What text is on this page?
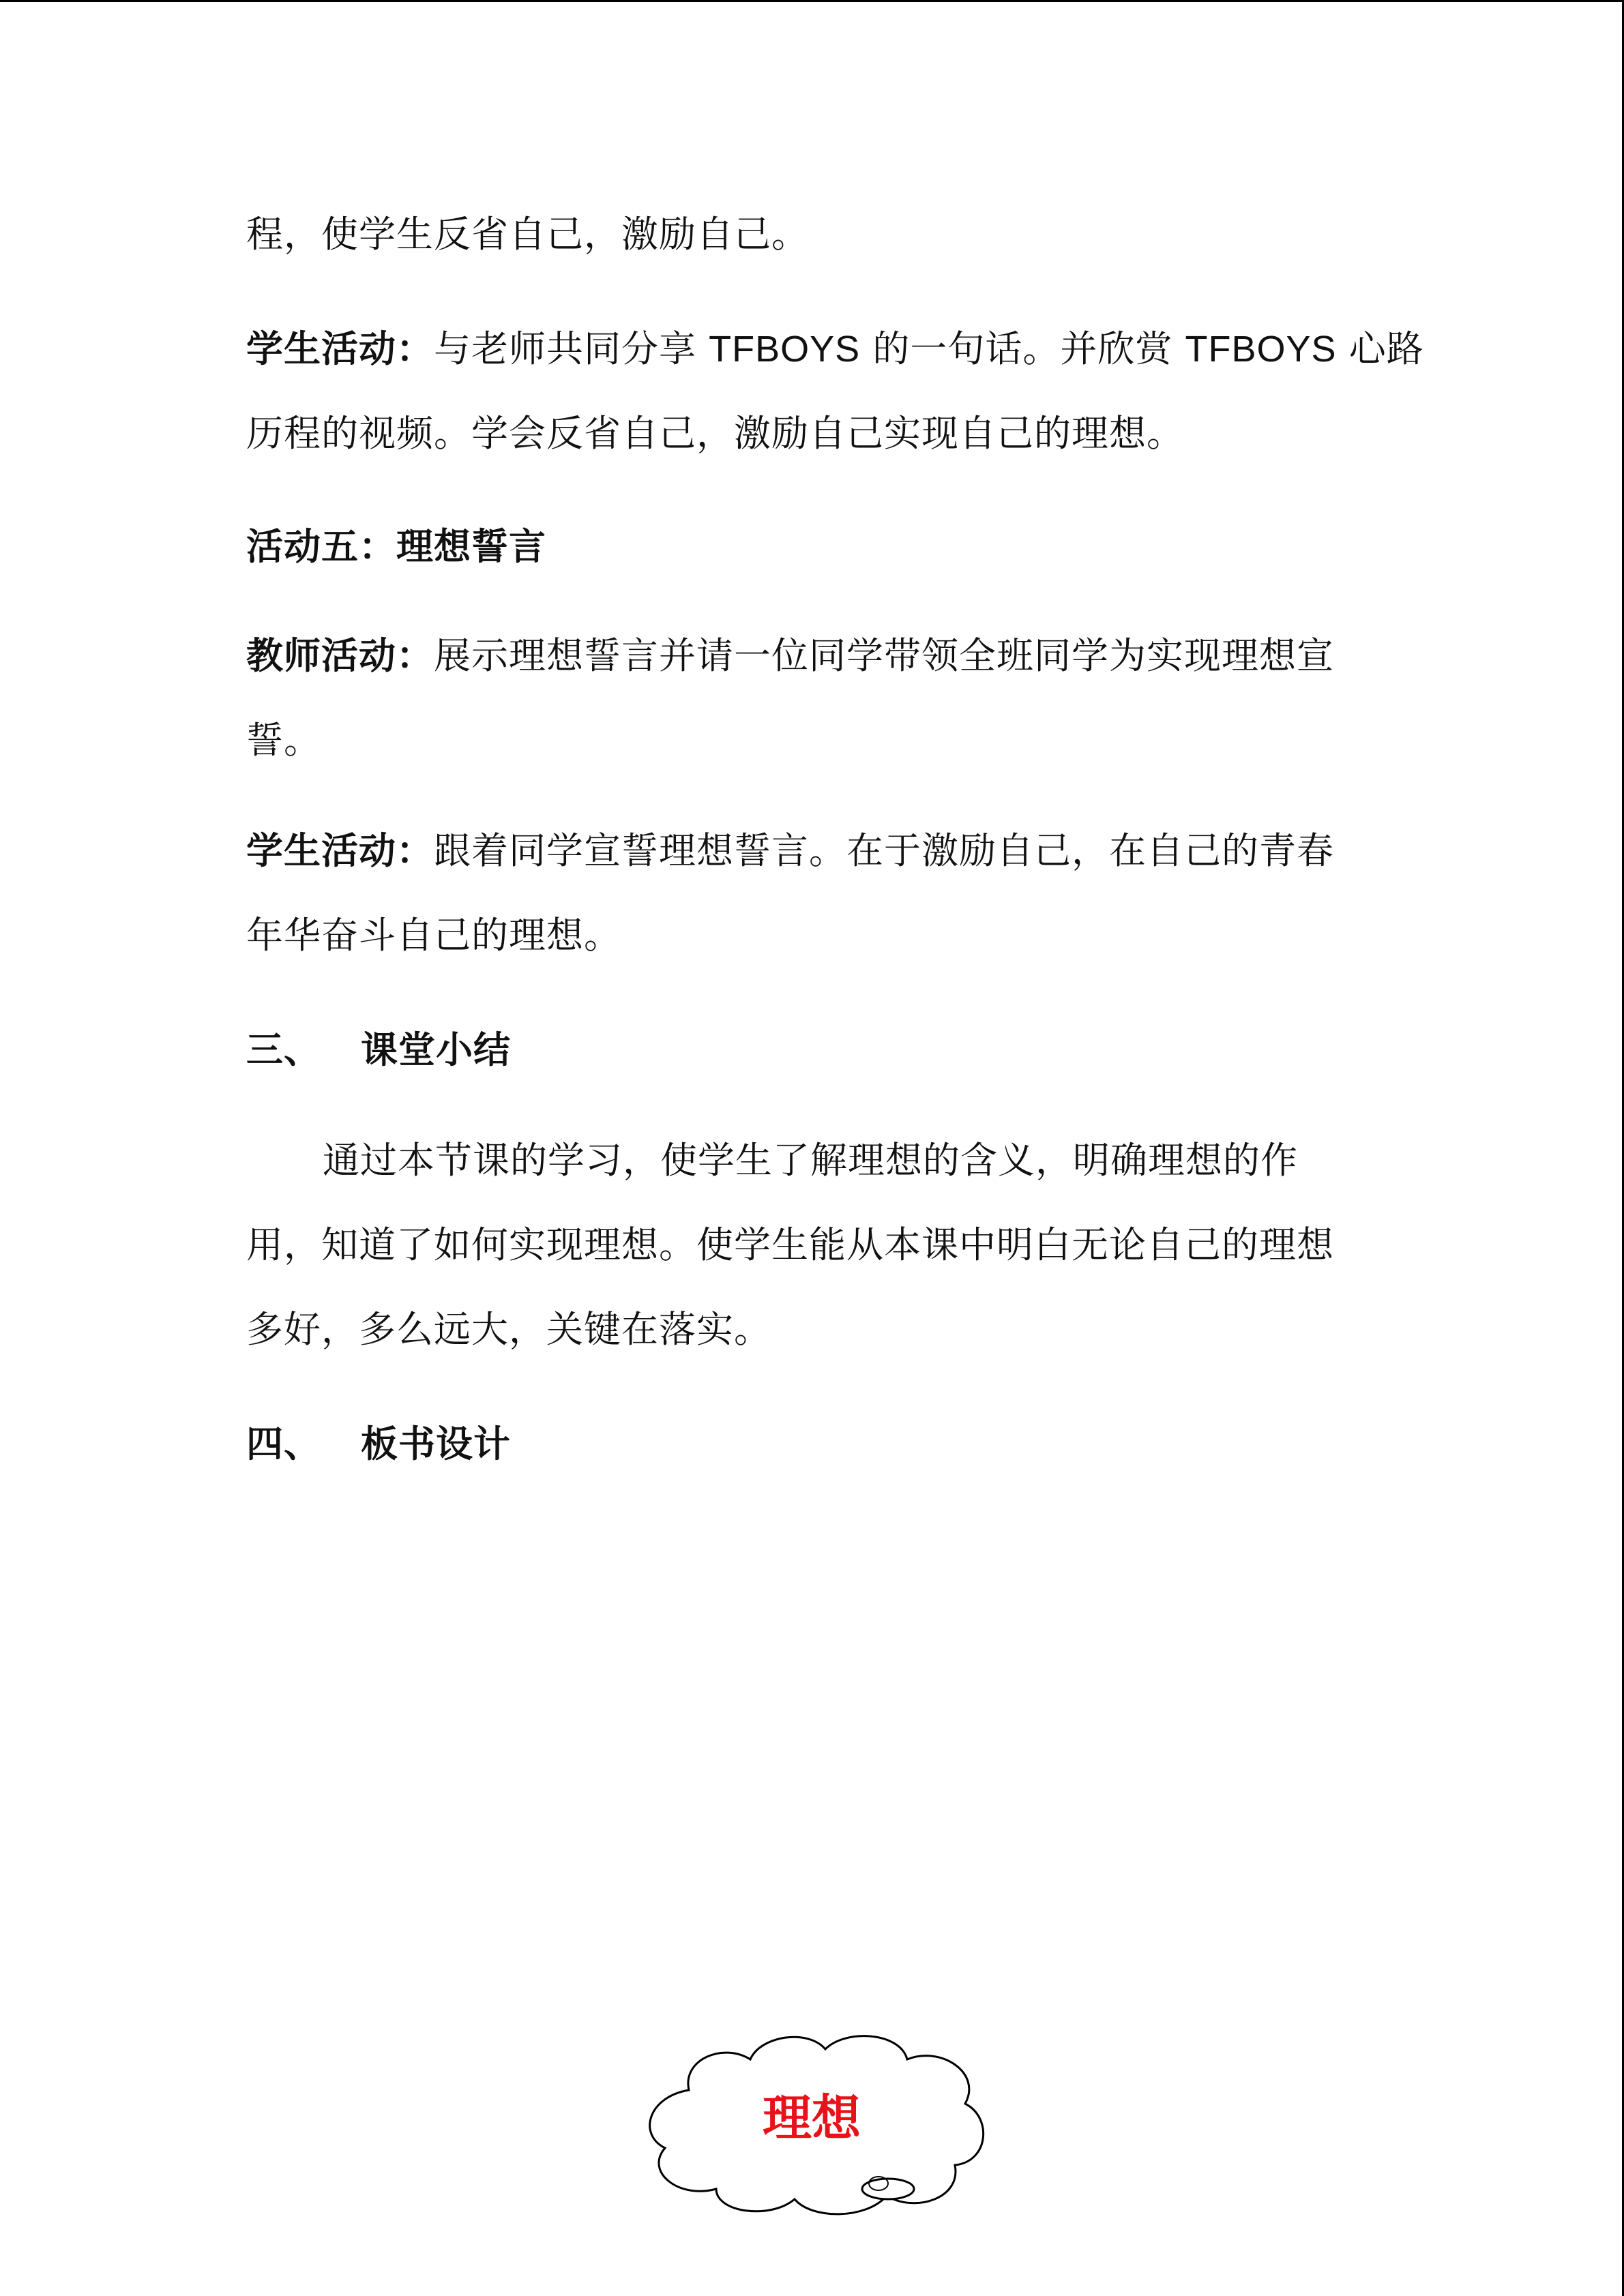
程，使学生反省自己，激励自己。
学生活动：与老师共同分享 TFBOYS 的一句话。并欣赏 TFBOYS 心路
历程的视频。学会反省自己，激励自己实现自己的理想。
活动五：理想誓言
教师活动：展示理想誓言并请一位同学带领全班同学为实现理想宣
誓。
学生活动：跟着同学宣誓理想誓言。在于激励自己，在自己的青春
年华奋斗自己的理想。
三、 课堂小结
通过本节课的学习，使学生了解理想的含义，明确理想的作
用，知道了如何实现理想。使学生能从本课中明白无论自己的理想
多好，多么远大，关键在落实。
四、 板书设计
理想
